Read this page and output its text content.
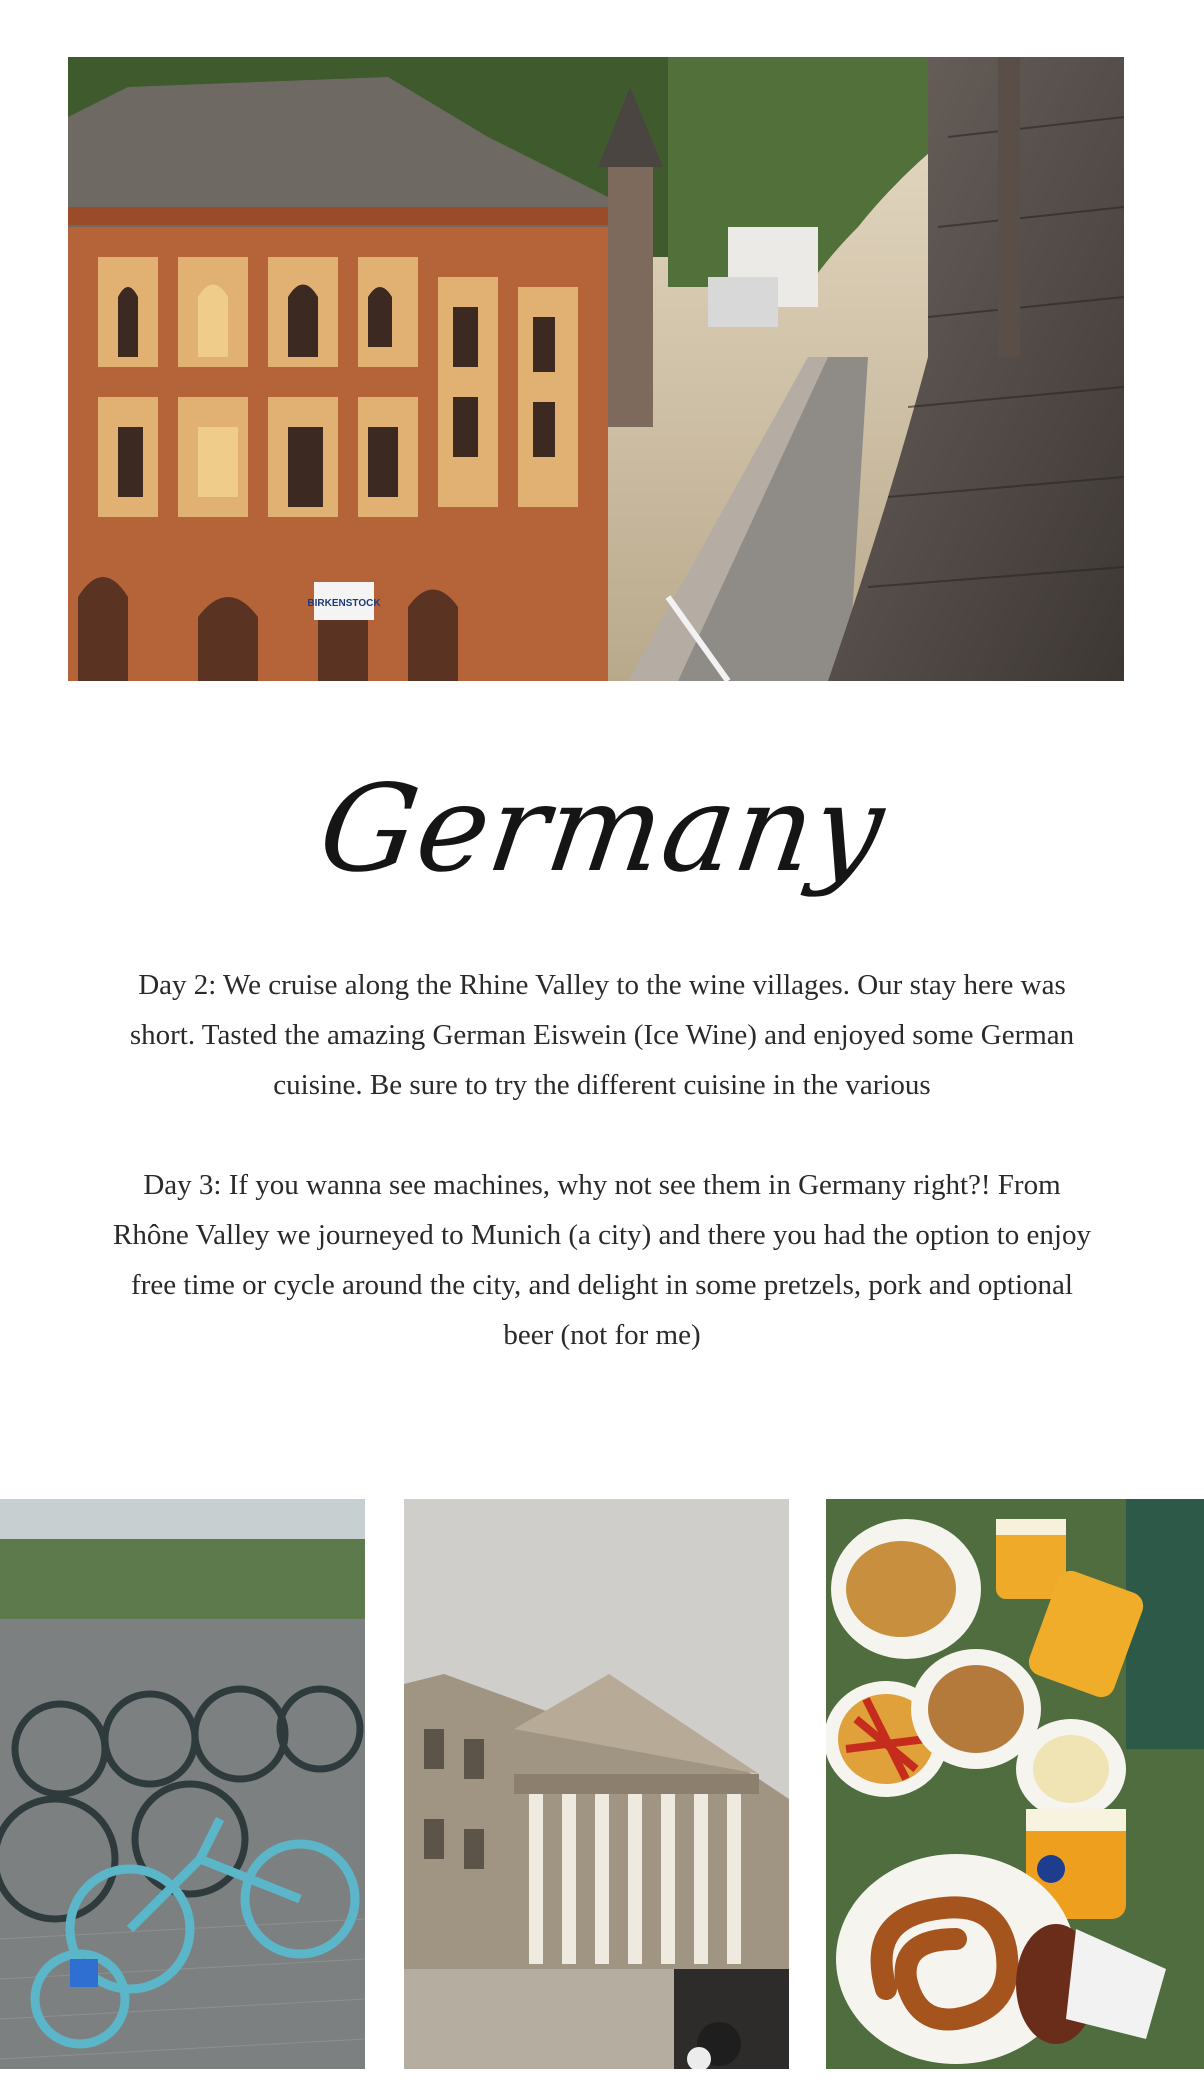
BIRKENSTOCK
Germany

Day 2: We cruise along the Rhine Valley to the wine villages. Our stay here was short. Tasted the amazing German Eiswein (Ice Wine) and enjoyed some German cuisine. Be sure to try the different cuisine in the various

Day 3: If you wanna see machines, why not see them in Germany right?! From Rhône Valley we journeyed to Munich (a city) and there you had the option to enjoy free time or cycle around the city, and delight in some pretzels, pork and optional beer (not for me)
